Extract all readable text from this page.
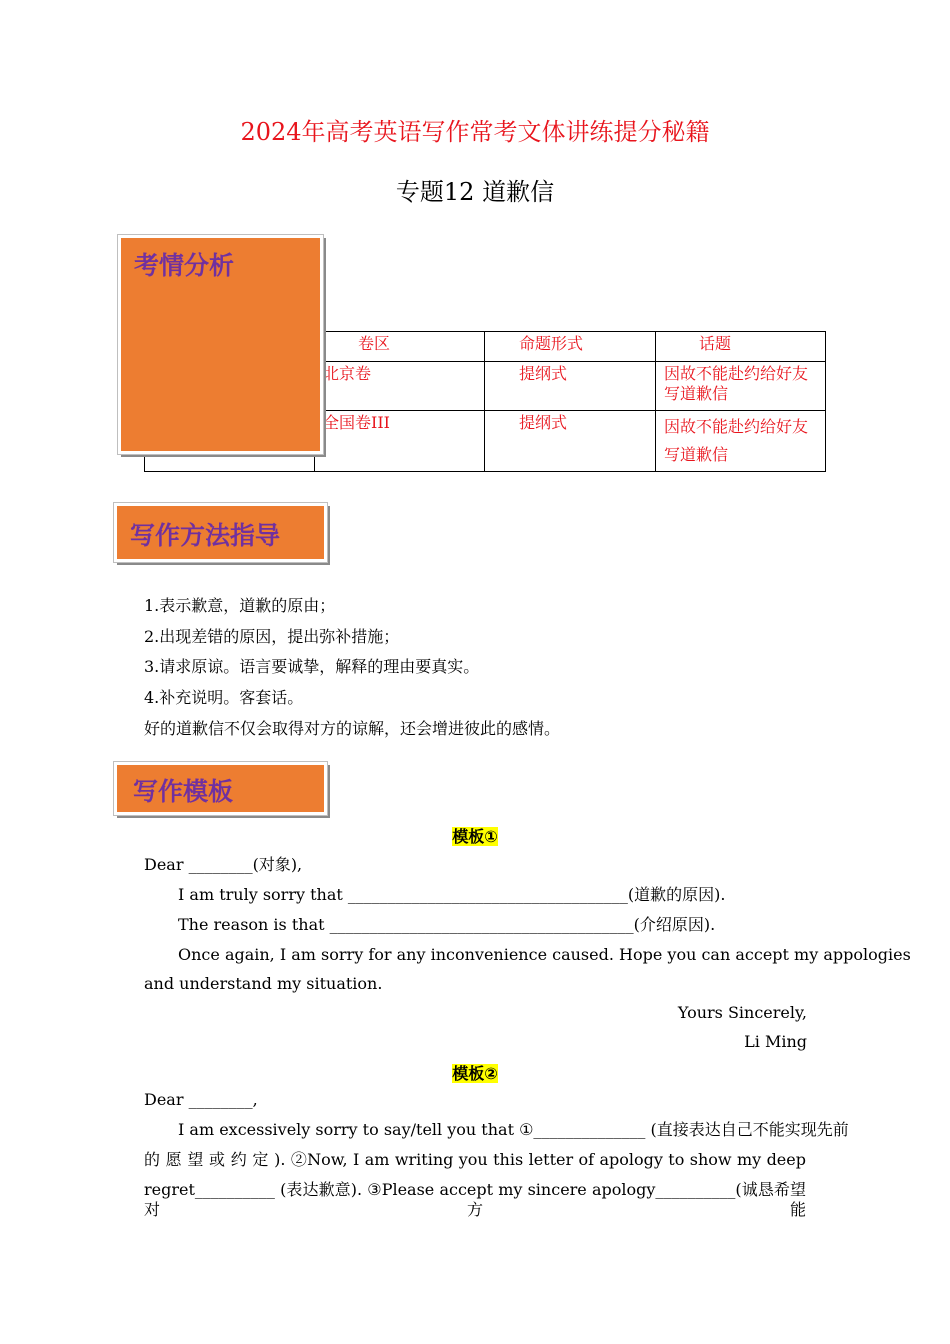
2024年高考英语写作常考文体讲练提分秘籍
专题12 道歉信
	卷区	命题形式	话题
	北京卷	提纲式	因故不能赴约给好友写道歉信
	全国卷III	提纲式	因故不能赴约给好友写道歉信
考情分析
写作方法指导
1.表示歉意，道歉的原由；
2.出现差错的原因，提出弥补措施；
3.请求原谅。语言要诚挚，解释的理由要真实。
4.补充说明。客套话。
好的道歉信不仅会取得对方的谅解，还会增进彼此的感情。
写作模板
模板①
Dear ________(对象),
I am truly sorry that ___________________________________(道歉的原因).
The reason is that ______________________________________(介绍原因).
Once again, I am sorry for any inconvenience caused. Hope you can accept my appologies
and understand my situation.
Yours Sincerely,
Li Ming
模板②
Dear ________,
I am excessively sorry to say/tell you that ①______________ (直接表达自己不能实现先前
的 愿 望 或 约 定 ). ②Now, I am writing you this letter of apology to show my deep
regret__________ (表达歉意). ③Please accept my sincere apology__________(诚恳希望对方能
